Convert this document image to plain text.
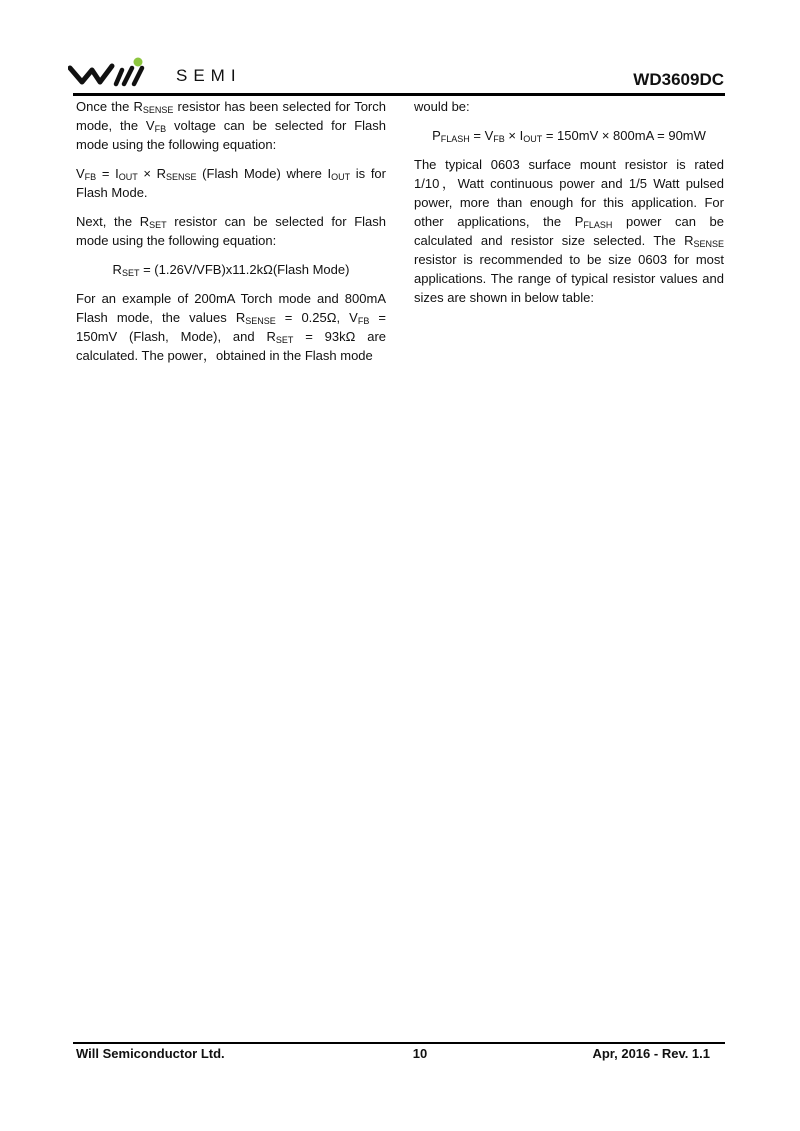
SEMI	WD3609DC

Once the $R_{SENSE}$ resistor has been selected for Torch mode, the $V_{FB}$ voltage can be selected for Flash mode using the following equation:

$V_{FB} = I_{OUT} \times R_{SENSE}$ (Flash Mode) where $I_{OUT}$ is for Flash Mode.

Next, the $R_{SET}$ resistor can be selected for Flash mode using the following equation:

$R_{SET}$ = (1.26V/VFB)x11.2kΩ(Flash Mode)

For an example of 200mA Torch mode and 800mA Flash mode, the values $R_{SENSE} = 0.25\Omega$, $V_{FB} = 150mV$ (Flash, Mode), and $R_{SET} = 93k\Omega$ are calculated. The power，obtained in the Flash mode

would be:

$P_{FLASH} = V_{FB} \times I_{OUT} = 150mV \times 800mA = 90mW$

The typical 0603 surface mount resistor is rated 1/10，Watt continuous power and 1/5 Watt pulsed power, more than enough for this application. For other applications, the $P_{FLASH}$ power can be calculated and resistor size selected. The $R_{SENSE}$ resistor is recommended to be size 0603 for most applications. The range of typical resistor values and sizes are shown in below table:

Will Semiconductor Ltd.	10	Apr, 2016 - Rev. 1.1
